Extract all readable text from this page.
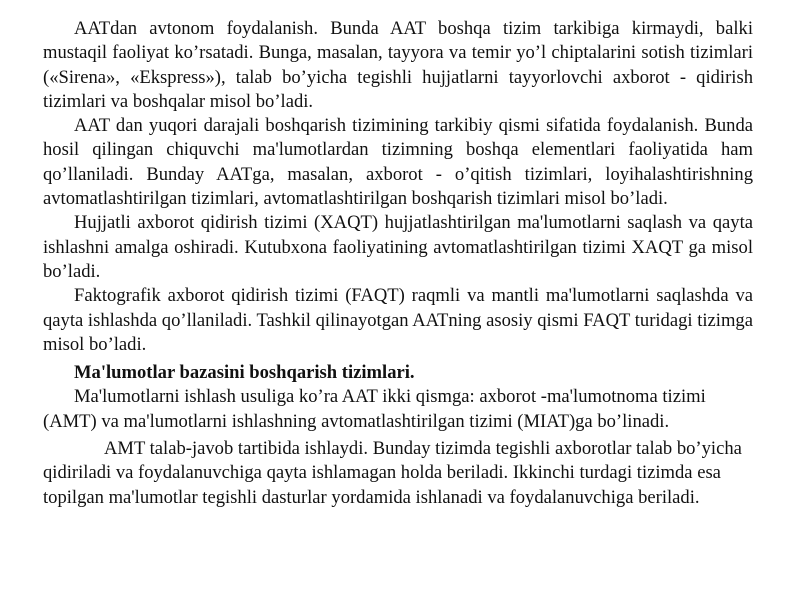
AATdan avtonom foydalanish. Bunda AAT boshqa tizim tarkibiga kirmaydi, balki mustaqil faoliyat ko’rsatadi. Bunga, masalan, tayyora va temir yo’l chiptalarini sotish tizimlari («Sirena», «Ekspress»), talab bo’yicha tegishli hujjatlarni tayyorlovchi axborot - qidirish tizimlari va boshqalar misol bo’ladi.

AAT dan yuqori darajali boshqarish tizimining tarkibiy qismi sifatida foydalanish. Bunda hosil qilingan chiquvchi ma'lumotlardan tizimning boshqa elementlari faoliyatida ham qo’llaniladi. Bunday AATga, masalan, axborot - o’qitish tizimlari, loyihalashtirishning avtomatlashtirilgan tizimlari, avtomatlashtirilgan boshqarish tizimlari misol bo’ladi.

Hujjatli axborot qidirish tizimi (XAQT) hujjatlashtirilgan ma'lumotlarni saqlash va qayta ishlashni amalga oshiradi. Kutubxona faoliyatining avtomatlashtirilgan tizimi XAQT ga misol bo’ladi.

Faktografik axborot qidirish tizimi (FAQT) raqmli va mantli ma'lumotlarni saqlashda va qayta ishlashda qo’llaniladi. Tashkil qilinayotgan AATning asosiy qismi FAQT turidagi tizimga misol bo’ladi.

Ma'lumotlar bazasini boshqarish tizimlari.

Ma'lumotlarni ishlash usuliga ko’ra AAT ikki qismga: axborot -ma'lumotnoma tizimi (AMT) va ma'lumotlarni ishlashning avtomatlashtirilgan tizimi (MIAT)ga bo’linadi.

AMT talab-javob tartibida ishlaydi. Bunday tizimda tegishli axborotlar talab bo’yicha qidiriladi va foydalanuvchiga qayta ishlamagan holda beriladi. Ikkinchi turdagi tizimda esa topilgan ma'lumotlar tegishli dasturlar yordamida ishlanadi va foydalanuvchiga beriladi.
